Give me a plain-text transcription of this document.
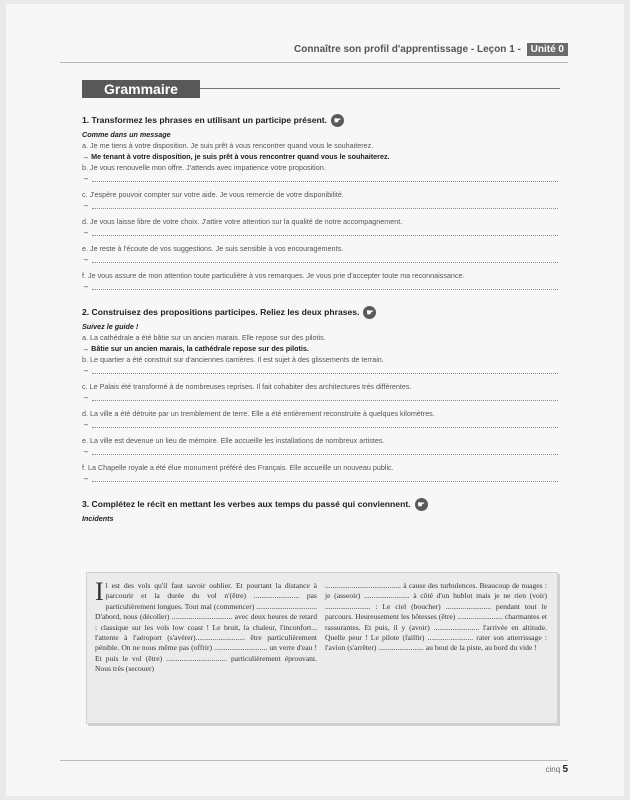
Connaître son profil d'apprentissage - Leçon 1 - Unité 0
Grammaire
1. Transformez les phrases en utilisant un participe présent. ☛
Comme dans un message
a. Je me tiens à votre disposition. Je suis prêt à vous rencontrer quand vous le souhaiterez.
→ Me tenant à votre disposition, je suis prêt à vous rencontrer quand vous le souhaiterez.
b. Je vous renouvelle mon offre. J'attends avec impatience votre proposition.
→
c. J'espère pouvoir compter sur votre aide. Je vous remercie de votre disponibilité.
→
d. Je vous laisse libre de votre choix. J'attire votre attention sur la qualité de notre accompagnement.
→
e. Je reste à l'écoute de vos suggestions. Je suis sensible à vos encouragements.
→
f. Je vous assure de mon attention toute particulière à vos remarques. Je vous prie d'accepter toute ma reconnaissance.
→
2. Construisez des propositions participes. Reliez les deux phrases. ☛
Suivez le guide !
a. La cathédrale a été bâtie sur un ancien marais. Elle repose sur des pilotis.
→ Bâtie sur un ancien marais, la cathédrale repose sur des pilotis.
b. Le quartier a été construit sur d'anciennes carrières. Il est sujet à des glissements de terrain.
→
c. Le Palais été transformé à de nombreuses reprises. Il fait cohabiter des architectures très différentes.
→
d. La ville a été détruite par un tremblement de terre. Elle a été entièrement reconstruite à quelques kilomètres.
→
e. La ville est devenue un lieu de mémoire. Elle accueille les installations de nombreux artistes.
→
f. La Chapelle royale a été élue monument préféré des Français. Elle accueille un nouveau public.
→
3. Complétez le récit en mettant les verbes aux temps du passé qui conviennent. ☛
Incidents
I l est des vols qu'il faut savoir oublier. Et pourtant la distance à parcourir et la durée du vol n'(être) ........................ pas particulièrement longues. Tout mal (commencer) ................................ D'abord, nous (décoller) ................................ avec deux heures de retard : classique sur les vols low coast ! Le bruit, la chaleur, l'inconfort... l'attente à l'aéroport (s'avérer).......................... être particulièrement pénible. On ne nous même pas (offrir) ............................ un verre d'eau ! Et puis le vol (être) ................................ particulièrement éprouvant. Nous très (secouer)
........................................ à cause des turbulences. Beaucoup de nuages : je (asseoir) ........................ à côté d'un hublot mais je ne rien (voir) ........................ : Le ciel (boucher) ........................ pendant tout le parcours. Heureusement les hôtesses (être) ........................ charmantes et rassurantes. Et puis, il y (avoir) ........................ l'arrivée en altitude. Quelle peur ! Le pilote (faillir) ........................ rater son atterrissage : l'avion (s'arrêter) ........................ au bout de la piste, au bord du vide !
cinq 5
